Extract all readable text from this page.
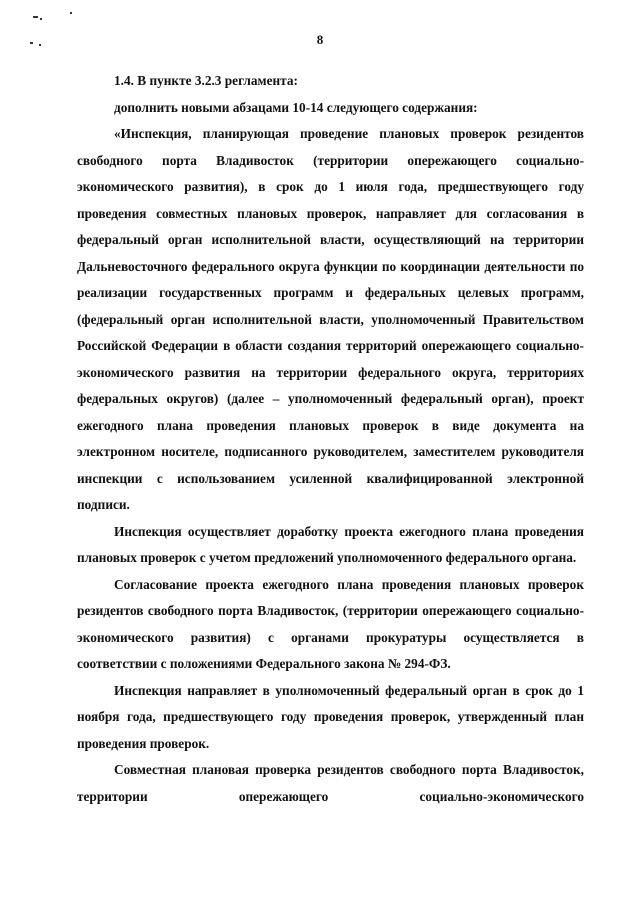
8

1.4. В пункте 3.2.3 регламента:

дополнить новыми абзацами 10-14 следующего содержания:

«Инспекция, планирующая проведение плановых проверок резидентов свободного порта Владивосток (территории опережающего социально-экономического развития), в срок до 1 июля года, предшествующего году проведения совместных плановых проверок, направляет для согласования в федеральный орган исполнительной власти, осуществляющий на территории Дальневосточного федерального округа функции по координации деятельности по реализации государственных программ и федеральных целевых программ, (федеральный орган исполнительной власти, уполномоченный Правительством Российской Федерации в области создания территорий опережающего социально-экономического развития на территории федерального округа, территориях федеральных округов) (далее – уполномоченный федеральный орган), проект ежегодного плана проведения плановых проверок в виде документа на электронном носителе, подписанного руководителем, заместителем руководителя инспекции с использованием усиленной квалифицированной электронной подписи.

Инспекция осуществляет доработку проекта ежегодного плана проведения плановых проверок с учетом предложений уполномоченного федерального органа.

Согласование проекта ежегодного плана проведения плановых проверок резидентов свободного порта Владивосток, (территории опережающего социально-экономического развития) с органами прокуратуры осуществляется в соответствии с положениями Федерального закона № 294-ФЗ.

Инспекция направляет в уполномоченный федеральный орган в срок до 1 ноября года, предшествующего году проведения проверок, утвержденный план проведения проверок.

Совместная плановая проверка резидентов свободного порта Владивосток, территории опережающего социально-экономического
